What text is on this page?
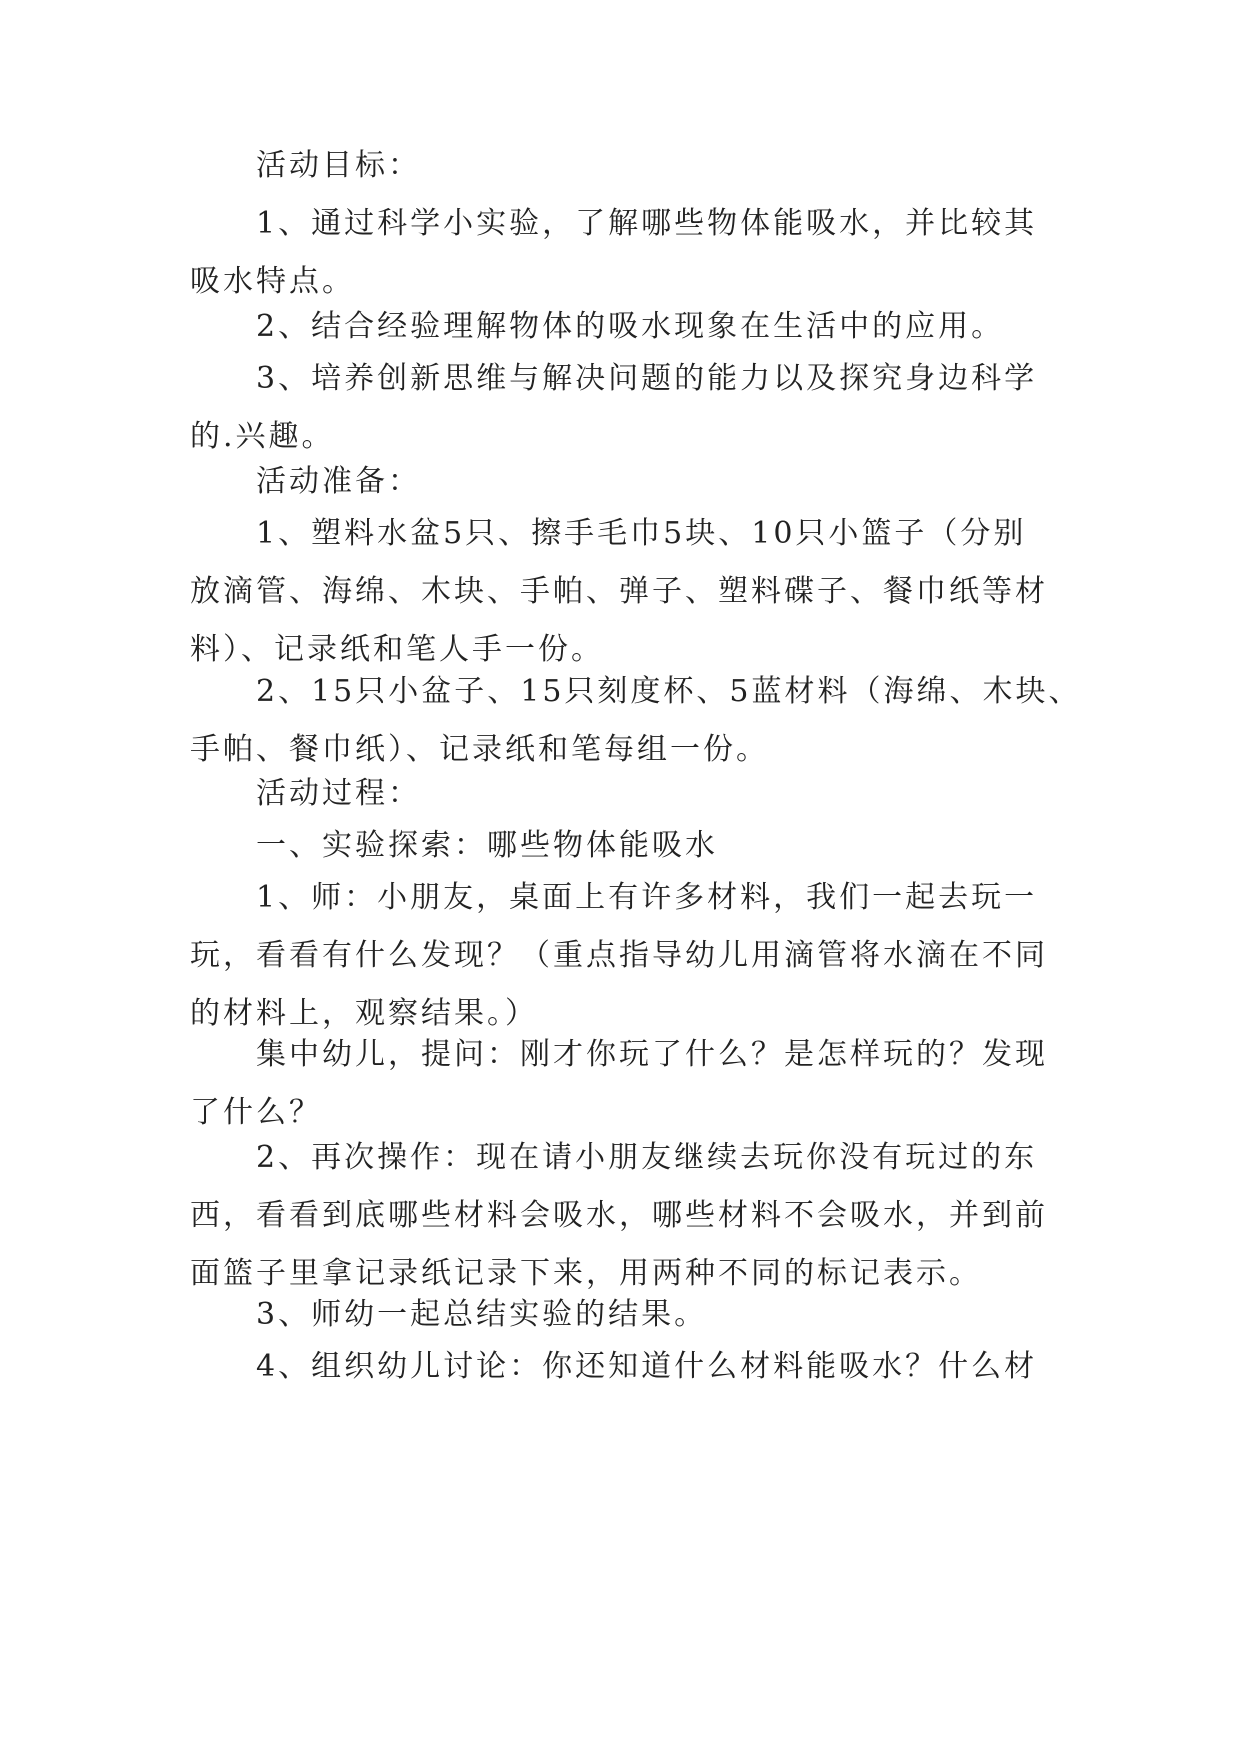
活动目标：

1、通过科学小实验，了解哪些物体能吸水，并比较其
吸水特点。

2、结合经验理解物体的吸水现象在生活中的应用。

3、培养创新思维与解决问题的能力以及探究身边科学
的.兴趣。

活动准备：

1、塑料水盆5只、擦手毛巾5块、10只小篮子（分别
放滴管、海绵、木块、手帕、弹子、塑料碟子、餐巾纸等材
料）、记录纸和笔人手一份。

2、15只小盆子、15只刻度杯、5蓝材料（海绵、木块、
手帕、餐巾纸）、记录纸和笔每组一份。

活动过程：

一、实验探索：哪些物体能吸水

1、师：小朋友，桌面上有许多材料，我们一起去玩一
玩，看看有什么发现？（重点指导幼儿用滴管将水滴在不同
的材料上，观察结果。）

集中幼儿，提问：刚才你玩了什么？是怎样玩的？发现
了什么？

2、再次操作：现在请小朋友继续去玩你没有玩过的东
西，看看到底哪些材料会吸水，哪些材料不会吸水，并到前
面篮子里拿记录纸记录下来，用两种不同的标记表示。

3、师幼一起总结实验的结果。

4、组织幼儿讨论：你还知道什么材料能吸水？什么材
